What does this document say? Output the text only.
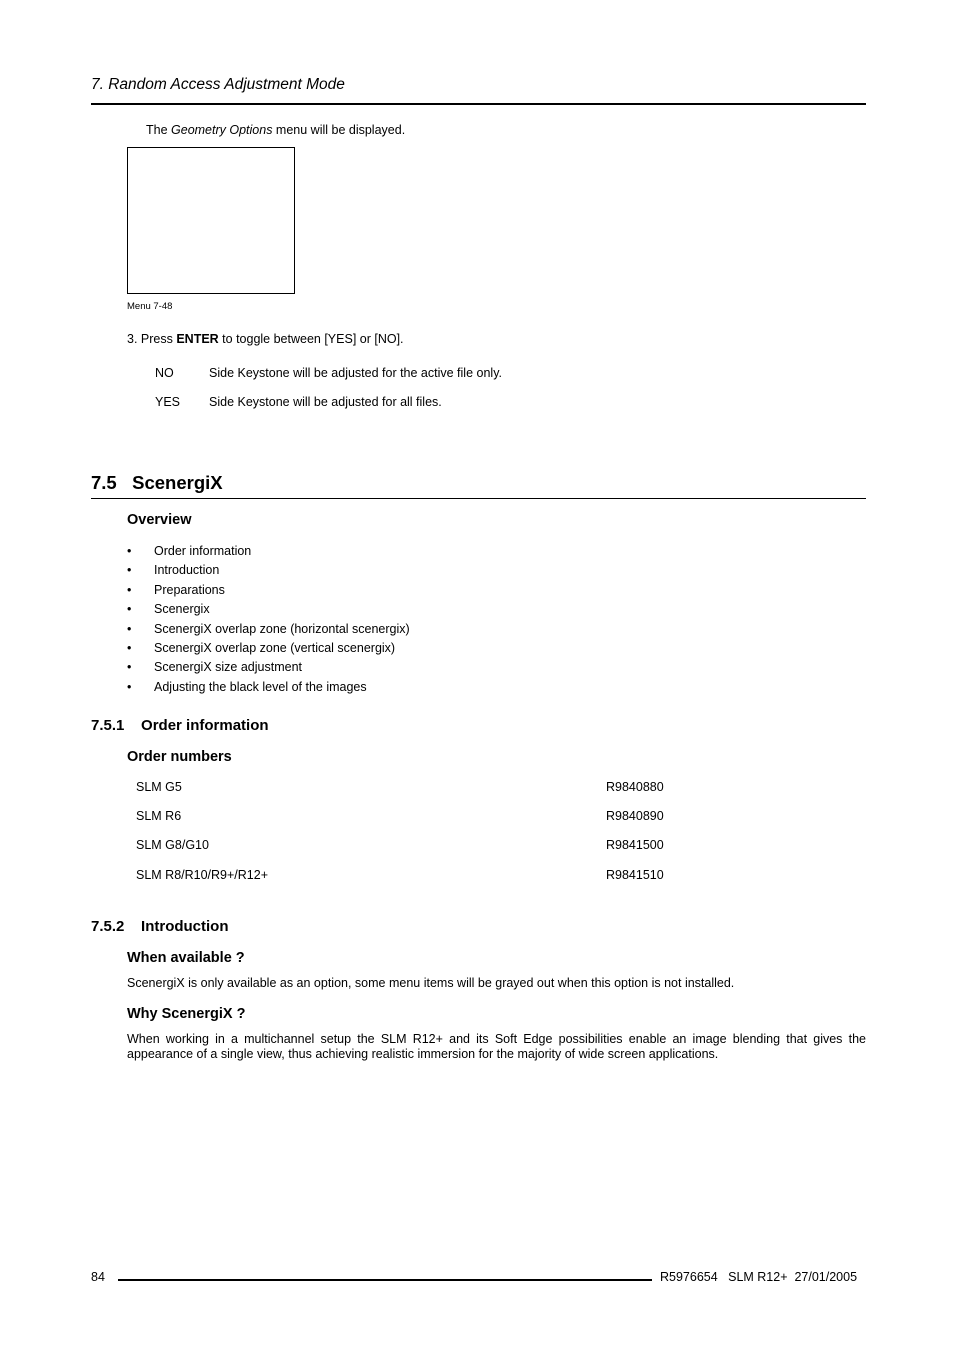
7. Random Access Adjustment Mode
The Geometry Options menu will be displayed.
Menu 7-48
3. Press ENTER to toggle between [YES] or [NO].
NO	Side Keystone will be adjusted for the active file only.
YES Side Keystone will be adjusted for all files.
7.5   ScenergiX
Overview
• Order information
• Introduction
• Preparations
• Scenergix
• ScenergiX overlap zone (horizontal scenergix)
• ScenergiX overlap zone (vertical scenergix)
• ScenergiX size adjustment
• Adjusting the black level of the images
7.5.1    Order information
Order numbers
SLM G5	R9840880
SLM R6	R9840890
SLM G8/G10	R9841500
SLM R8/R10/R9+/R12+	R9841510
7.5.2    Introduction
When available ?
ScenergiX is only available as an option, some menu items will be grayed out when this option is not installed.
Why ScenergiX ?
When working in a multichannel setup the SLM R12+ and its Soft Edge possibilities enable an image blending that gives the appearance of a single view, thus achieving realistic immersion for the majority of wide screen applications.
84	R5976654   SLM R12+  27/01/2005
